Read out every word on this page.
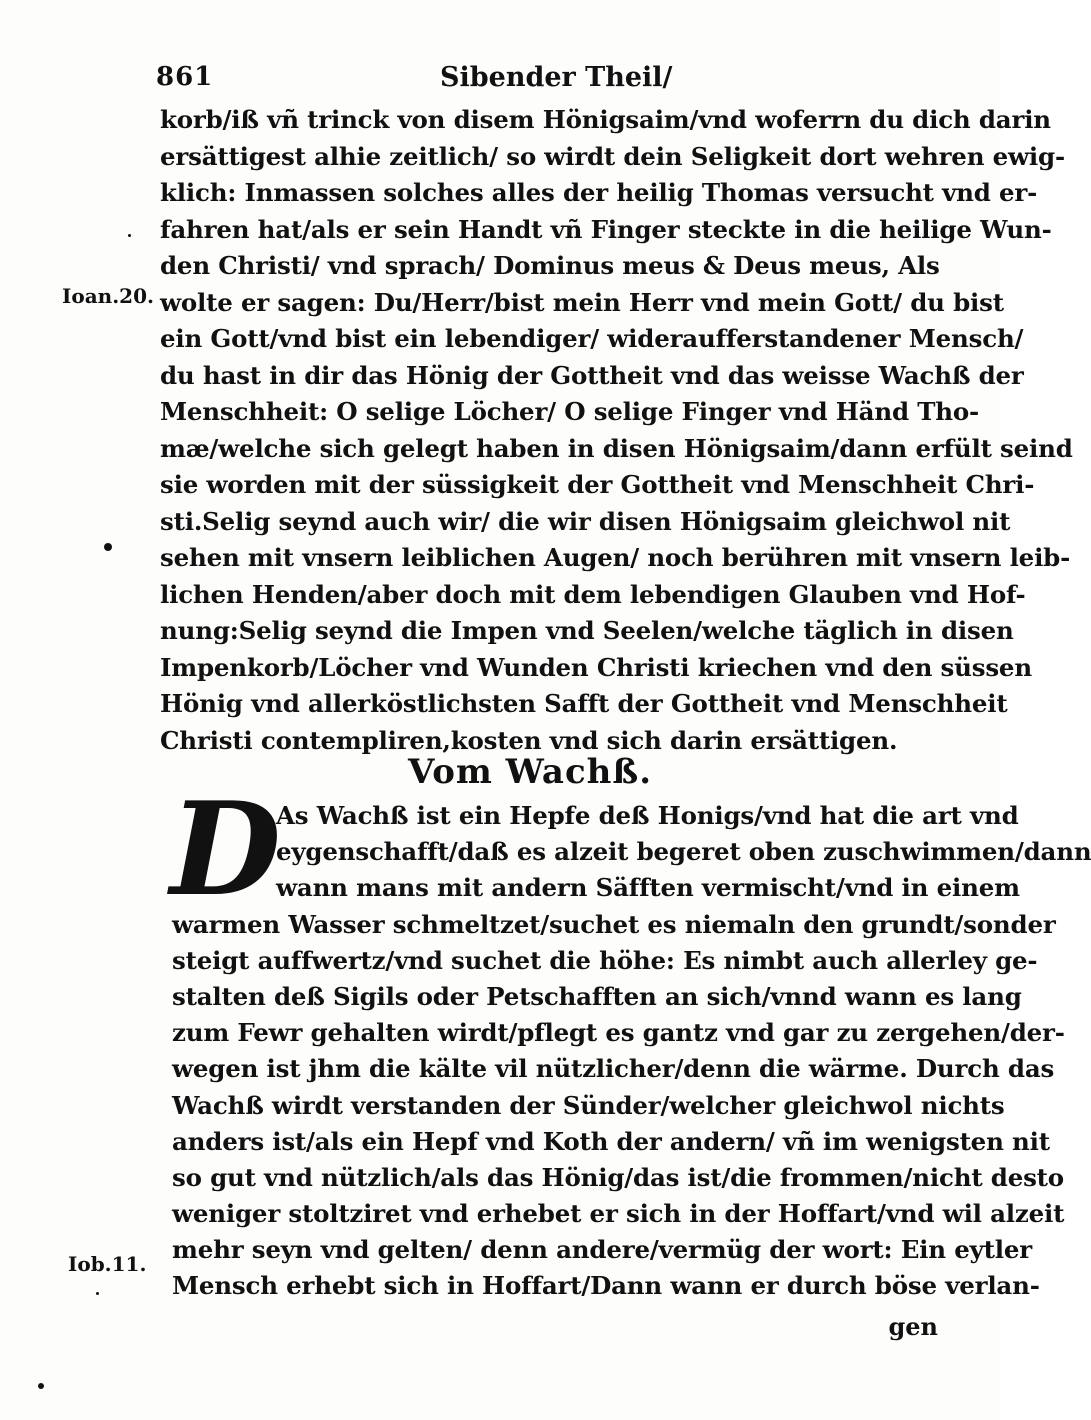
861	Sibender Theil/
korb/iß vñ trinck von disem Hönigsaim/vnd woferrn du dich darin
ersättigest alhie zeitlich/ so wirdt dein Seligkeit dort wehren ewig-
klich: Inmassen solches alles der heilig Thomas versucht vnd er-
fahren hat/als er sein Handt vñ Finger steckte in die heilige Wun-
den Christi/ vnd sprach/ Dominus meus & Deus meus, Als
wolte er sagen: Du/Herr/bist mein Herr vnd mein Gott/ du bist
ein Gott/vnd bist ein lebendiger/ wideraufferstandener Mensch/
du hast in dir das Hönig der Gottheit vnd das weisse Wachß der
Menschheit: O selige Löcher/ O selige Finger vnd Händ Tho-
mæ/welche sich gelegt haben in disen Hönigsaim/dann erfült seind
sie worden mit der süssigkeit der Gottheit vnd Menschheit Chri-
sti.Selig seynd auch wir/ die wir disen Hönigsaim gleichwol nit
sehen mit vnsern leiblichen Augen/ noch berühren mit vnsern leib-
lichen Henden/aber doch mit dem lebendigen Glauben vnd Hof-
nung:Selig seynd die Impen vnd Seelen/welche täglich in disen
Impenkorb/Löcher vnd Wunden Christi kriechen vnd den süssen
Hönig vnd allerköstlichsten Safft der Gottheit vnd Menschheit
Christi contempliren,kosten vnd sich darin ersättigen.
Vom Wachß.
D
As Wachß ist ein Hepfe deß Honigs/vnd hat die art vnd
eygenschafft/daß es alzeit begeret oben zuschwimmen/dann
wann mans mit andern Säfften vermischt/vnd in einem
warmen Wasser schmeltzet/suchet es niemaln den grundt/sonder
steigt auffwertz/vnd suchet die höhe: Es nimbt auch allerley ge-
stalten deß Sigils oder Petschafften an sich/vnnd wann es lang
zum Fewr gehalten wirdt/pflegt es gantz vnd gar zu zergehen/der-
wegen ist jhm die kälte vil nützlicher/denn die wärme. Durch das
Wachß wirdt verstanden der Sünder/welcher gleichwol nichts
anders ist/als ein Hepf vnd Koth der andern/ vñ im wenigsten nit
so gut vnd nützlich/als das Hönig/das ist/die frommen/nicht desto
weniger stoltziret vnd erhebet er sich in der Hoffart/vnd wil alzeit
mehr seyn vnd gelten/ denn andere/vermüg der wort: Ein eytler
Mensch erhebt sich in Hoffart/Dann wann er durch böse verlan-
Ioan.20.
Iob.11.
gen
